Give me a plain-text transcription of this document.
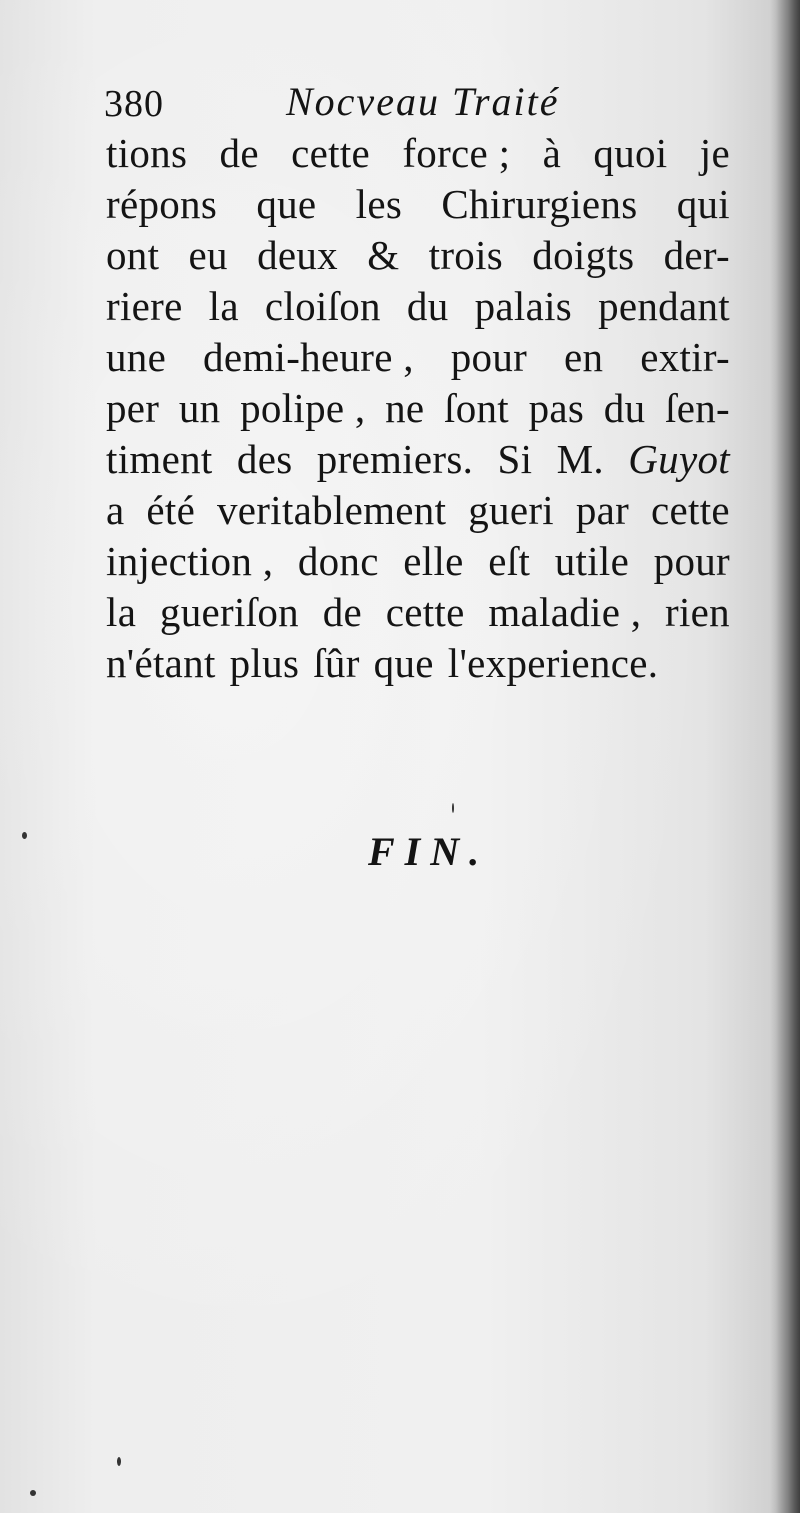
380	Nocveau Traité
tions de cette force ; à quoi je
répons que les Chirurgiens qui
ont eu deux & trois doigts der-
riere la cloiſon du palais pendant
une demi-heure , pour en extir-
per un polipe , ne ſont pas du ſen-
timent des premiers. Si M. Guyot
a été veritablement gueri par cette
injection , donc elle eſt utile pour
la gueriſon de cette maladie , rien
n'étant plus ſûr que l'experience.
FIN.
